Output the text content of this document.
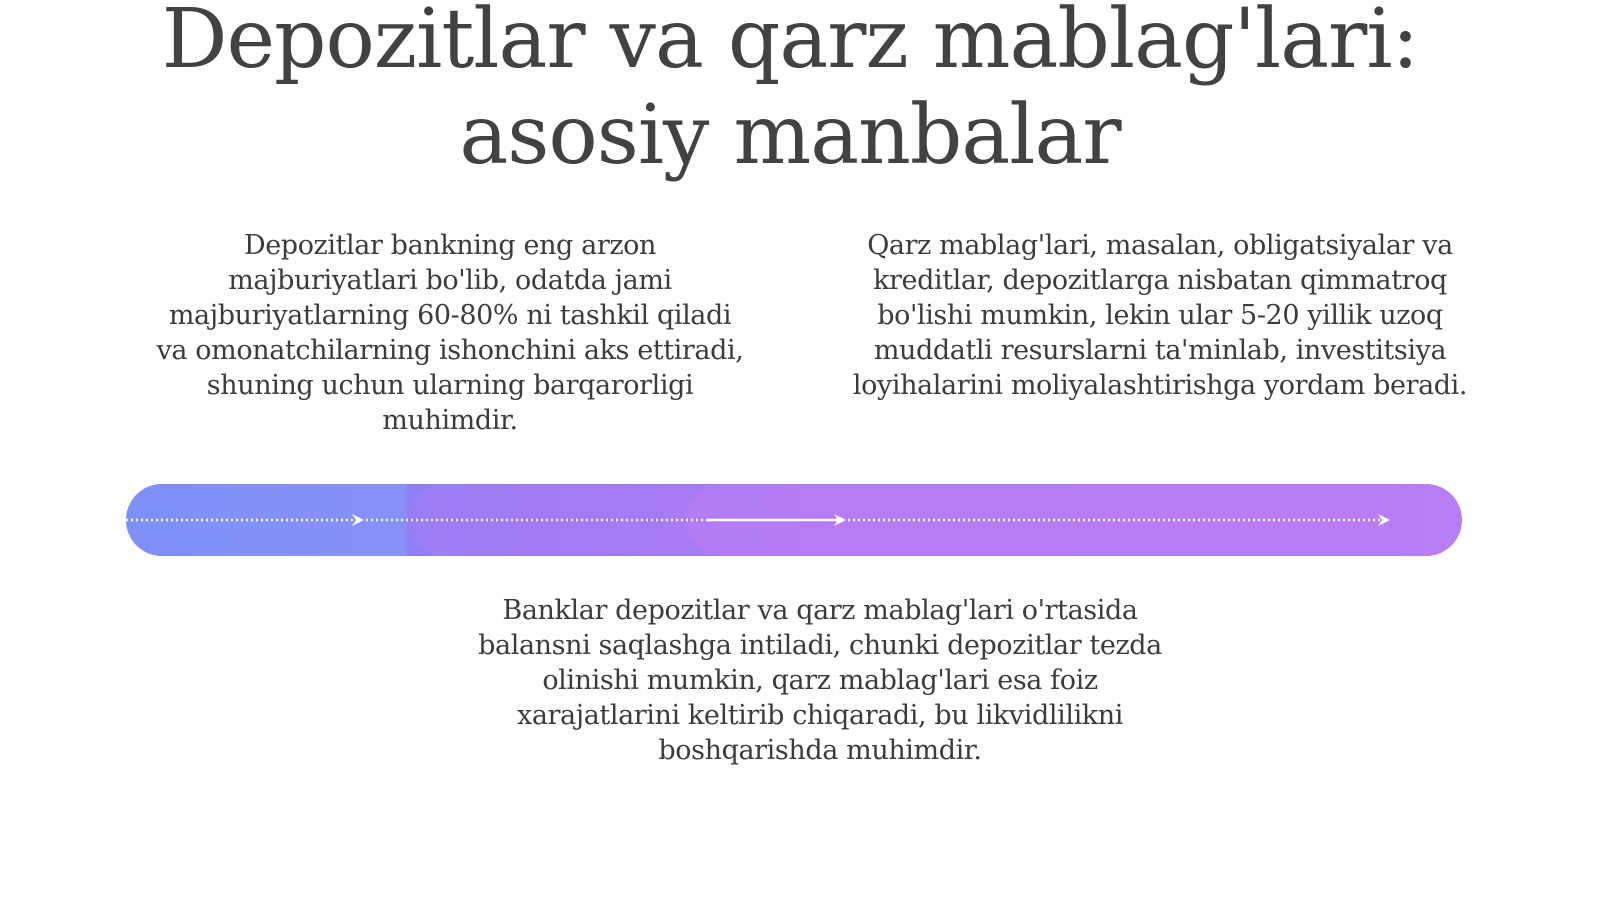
Depozitlar va qarz mablag'lari:
asosiy manbalar

Depozitlar bankning eng arzon majburiyatlari bo'lib, odatda jami majburiyatlarning 60-80% ni tashkil qiladi va omonatchilarning ishonchini aks ettiradi, shuning uchun ularning barqarorligi muhimdir.

Qarz mablag'lari, masalan, obligatsiyalar va kreditlar, depozitlarga nisbatan qimmatroq bo'lishi mumkin, lekin ular 5-20 yillik uzoq muddatli resurslarni ta'minlab, investitsiya loyihalarini moliyalashtirishga yordam beradi.

Banklar depozitlar va qarz mablag'lari o'rtasida balansni saqlashga intiladi, chunki depozitlar tezda olinishi mumkin, qarz mablag'lari esa foiz xarajatlarini keltirib chiqaradi, bu likvidlilikni boshqarishda muhimdir.
